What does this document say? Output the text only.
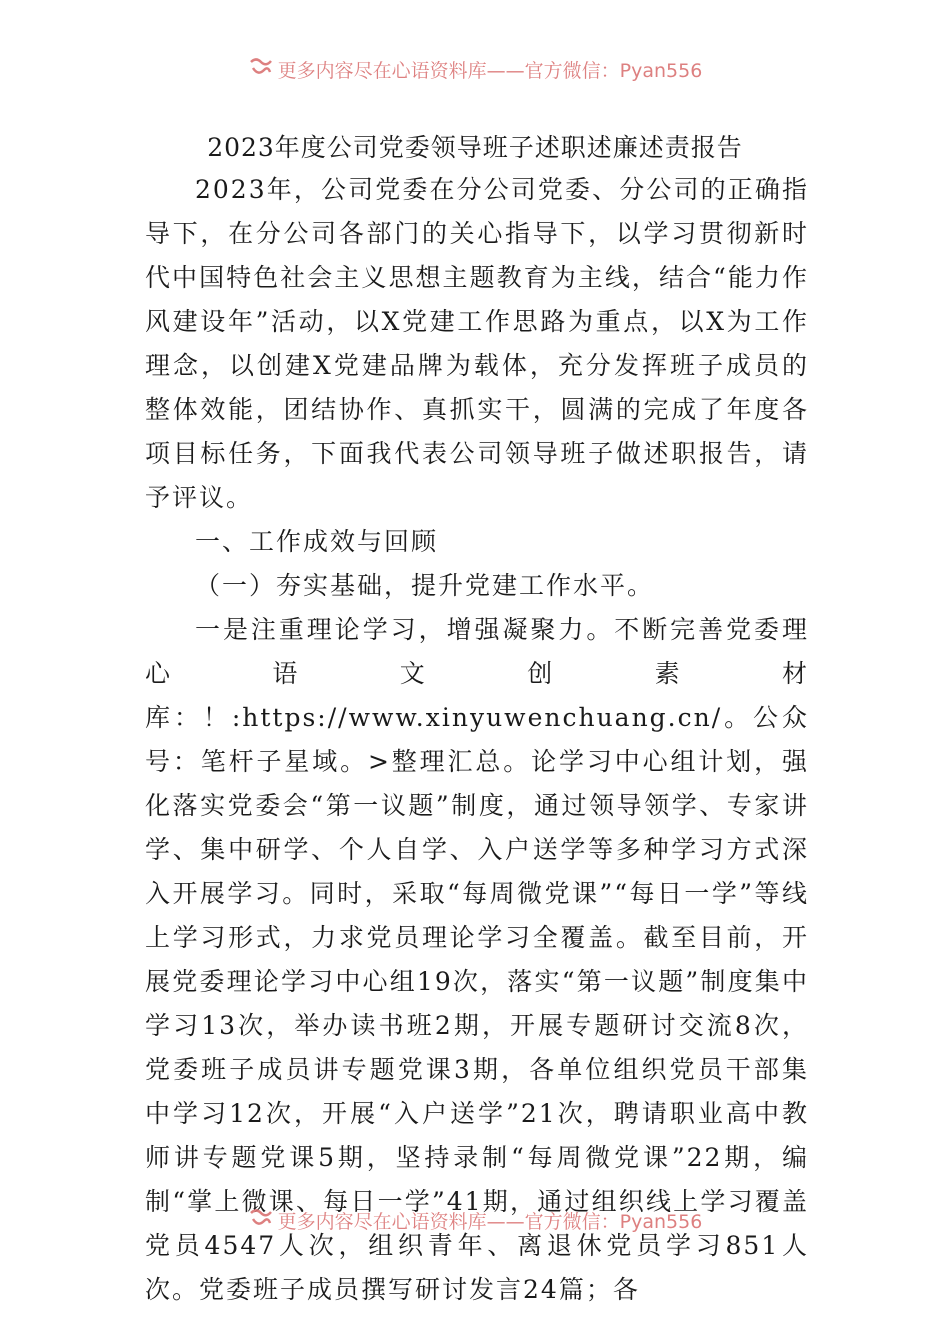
更多内容尽在心语资料库——官方微信：Pyan556
2023年度公司党委领导班子述职述廉述责报告

2023年，公司党委在分公司党委、分公司的正确指导下，在分公司各部门的关心指导下，以学习贯彻新时代中国特色社会主义思想主题教育为主线，结合“能力作风建设年”活动，以X党建工作思路为重点，以X为工作理念，以创建X党建品牌为载体，充分发挥班子成员的整体效能，团结协作、真抓实干，圆满的完成了年度各项目标任务，下面我代表公司领导班子做述职报告，请予评议。

一、工作成效与回顾

（一）夯实基础，提升党建工作水平。

一是注重理论学习，增强凝聚力。不断完善党委理心语文创素材库：！:https://www.xinyuwenchuang.cn/。公众号：笔杆子星域。>整理汇总。论学习中心组计划，强化落实党委会“第一议题”制度，通过领导领学、专家讲学、集中研学、个人自学、入户送学等多种学习方式深入开展学习。同时，采取“每周微党课”“每日一学”等线上学习形式，力求党员理论学习全覆盖。截至目前，开展党委理论学习中心组19次，落实“第一议题”制度集中学习13次，举办读书班2期，开展专题研讨交流8次，党委班子成员讲专题党课3期，各单位组织党员干部集中学习12次，开展“入户送学”21次，聘请职业高中教师讲专题党课5期，坚持录制“每周微党课”22期，编制“掌上微课、每日一学”41期，通过组织线上学习覆盖党员4547人次，组织青年、离退休党员学习851人次。党委班子成员撰写研讨发言24篇；各

更多内容尽在心语资料库——官方微信：Pyan556
